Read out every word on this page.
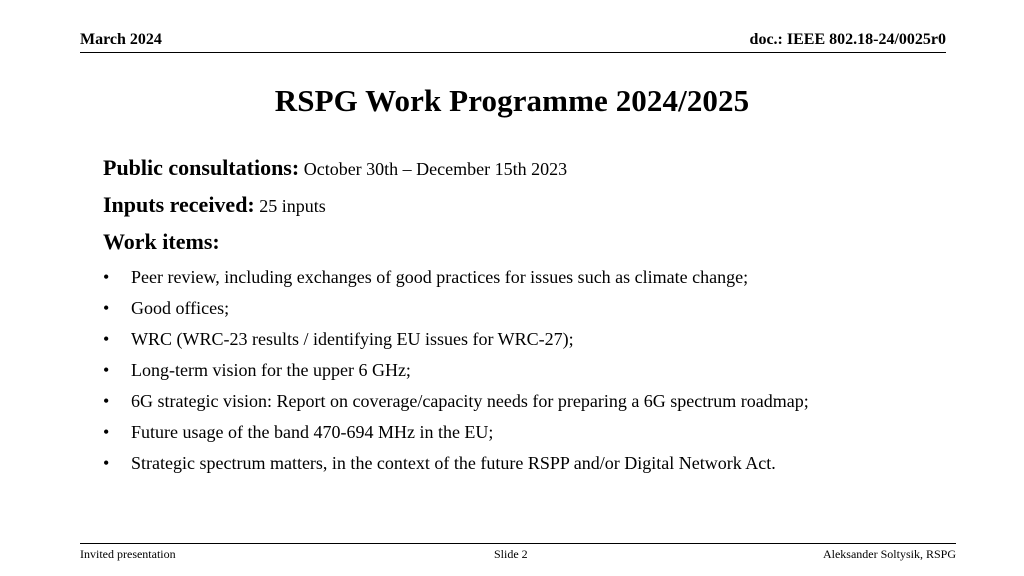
March 2024	doc.: IEEE 802.18-24/0025r0
RSPG Work Programme 2024/2025
Public consultations: October 30th – December 15th 2023
Inputs received: 25 inputs
Work items:
• Peer review, including exchanges of good practices for issues such as climate change;
• Good offices;
• WRC (WRC-23 results / identifying EU issues for WRC-27);
• Long-term vision for the upper 6 GHz;
• 6G strategic vision: Report on coverage/capacity needs for preparing a 6G spectrum roadmap;
• Future usage of the band 470-694 MHz in the EU;
• Strategic spectrum matters, in the context of the future RSPP and/or Digital Network Act.
Invited presentation	Slide 2	Aleksander Soltysik, RSPG
